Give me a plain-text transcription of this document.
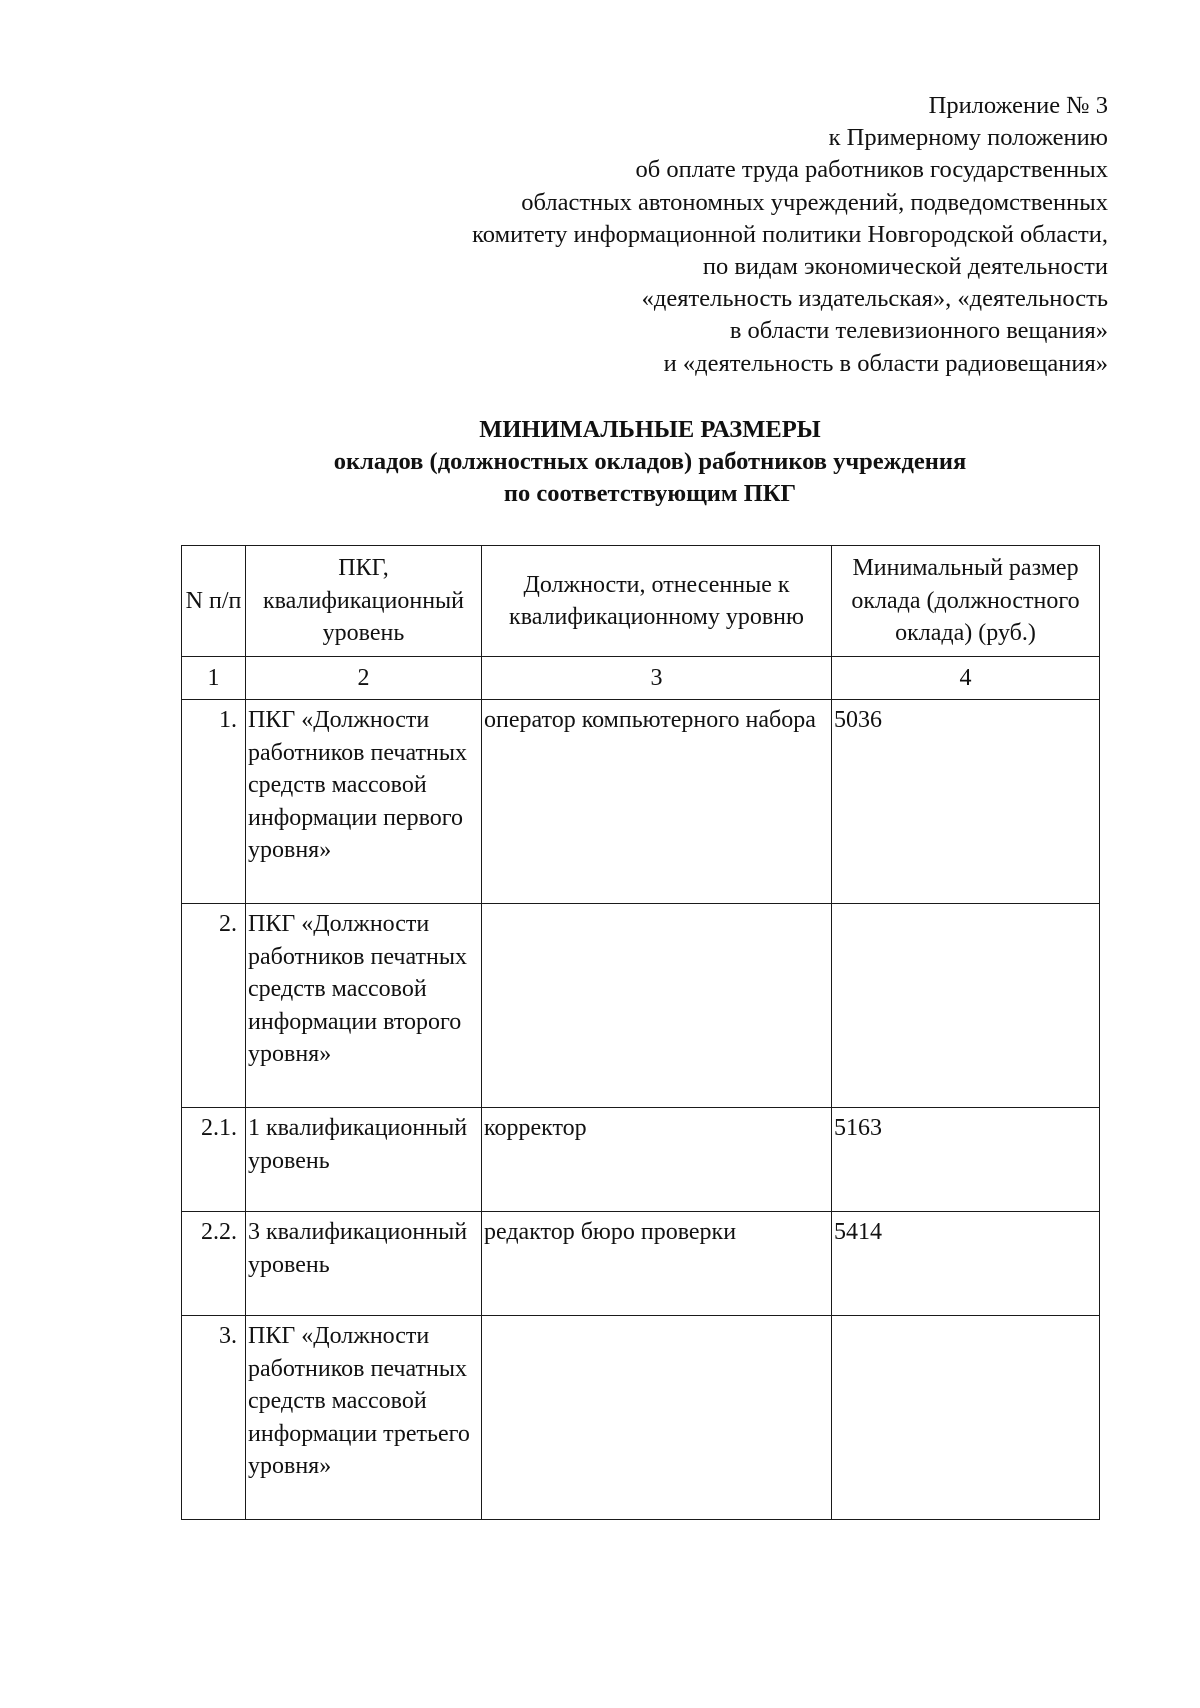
Приложение № 3
к Примерному положению
об оплате труда работников государственных
областных автономных учреждений, подведомственных
комитету информационной политики Новгородской области,
по видам экономической деятельности
«деятельность издательская», «деятельность
в области телевизионного вещания»
и «деятельность в области радиовещания»
МИНИМАЛЬНЫЕ РАЗМЕРЫ
окладов (должностных окладов) работников учреждения
по соответствующим ПКГ
N п/п	ПКГ, квалификационный уровень	Должности, отнесенные к квалификационному уровню	Минимальный размер оклада (должностного оклада) (руб.)
1	2	3	4
1.	ПКГ «Должности работников печатных средств массовой информации первого уровня»	оператор компьютерного набора	5036
2.	ПКГ «Должности работников печатных средств массовой информации второго уровня»		
2.1.	1 квалификационный уровень	корректор	5163
2.2.	3 квалификационный уровень	редактор бюро проверки	5414
3.	ПКГ «Должности работников печатных средств массовой информации третьего уровня»		
